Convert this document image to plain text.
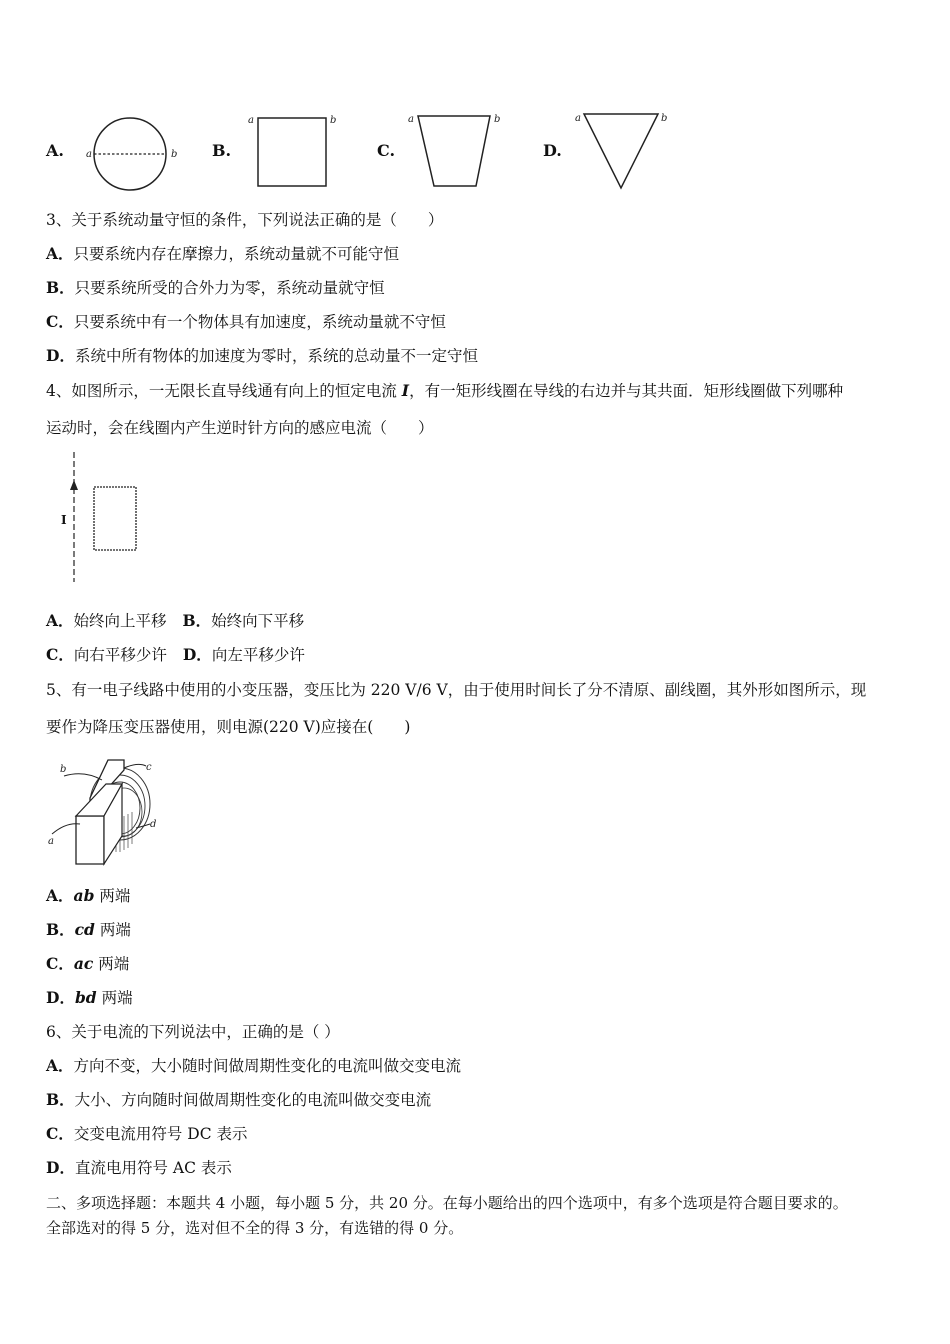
A. a	b B.
a	b
C.
a	b
D.
a	b
3、关于系统动量守恒的条件，下列说法正确的是（　　）
A．只要系统内存在摩擦力，系统动量就不可能守恒
B．只要系统所受的合外力为零，系统动量就守恒
C．只要系统中有一个物体具有加速度，系统动量就不守恒
D．系统中所有物体的加速度为零时，系统的总动量不一定守恒
4、如图所示，一无限长直导线通有向上的恒定电流 I，有一矩形线圈在导线的右边并与其共面．矩形线圈做下列哪种
运动时，会在线圈内产生逆时针方向的感应电流（　　）
I
A．始终向上平移 B．始终向下平移
C．向右平移少许 D．向左平移少许
5、有一电子线路中使用的小变压器，变压比为 220 V/6 V，由于使用时间长了分不清原、副线圈，其外形如图所示，现
要作为降压变压器使用，则电源(220 V)应接在(　　)
b	c
a
d
A．ab 两端
B．cd 两端
C．ac 两端
D．bd 两端
6、关于电流的下列说法中，正确的是（ ）
A．方向不变，大小随时间做周期性变化的电流叫做交变电流
B．大小、方向随时间做周期性变化的电流叫做交变电流
C．交变电流用符号 DC 表示
D．直流电用符号 AC 表示
二、多项选择题：本题共 4 小题，每小题 5 分，共 20 分。在每小题给出的四个选项中，有多个选项是符合题目要求的。
全部选对的得 5 分，选对但不全的得 3 分，有选错的得 0 分。
